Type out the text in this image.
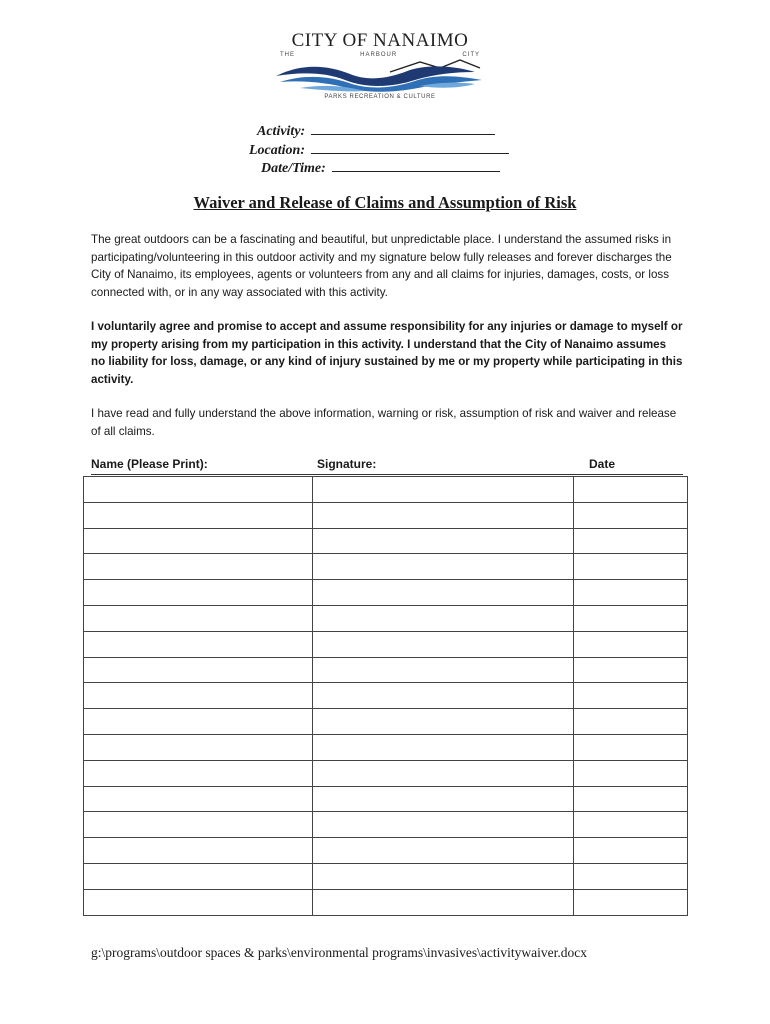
CITY OF NANAIMO
THE	HARBOUR	CITY
PARKS RECREATION & CULTURE
Activity:
Location:
Date/Time:
Waiver and Release of Claims and Assumption of Risk
The great outdoors can be a fascinating and beautiful, but unpredictable place. I understand the assumed risks in participating/volunteering in this outdoor activity and my signature below fully releases and forever discharges the City of Nanaimo, its employees, agents or volunteers from any and all claims for injuries, damages, costs, or loss connected with, or in any way associated with this activity.
I voluntarily agree and promise to accept and assume responsibility for any injuries or damage to myself or my property arising from my participation in this activity. I understand that the City of Nanaimo assumes no liability for loss, damage, or any kind of injury sustained by me or my property while participating in this activity.
I have read and fully understand the above information, warning or risk, assumption of risk and waiver and release of all claims.
Name (Please Print):	Signature:	Date

g:\programs\outdoor spaces & parks\environmental programs\invasives\activitywaiver.docx
